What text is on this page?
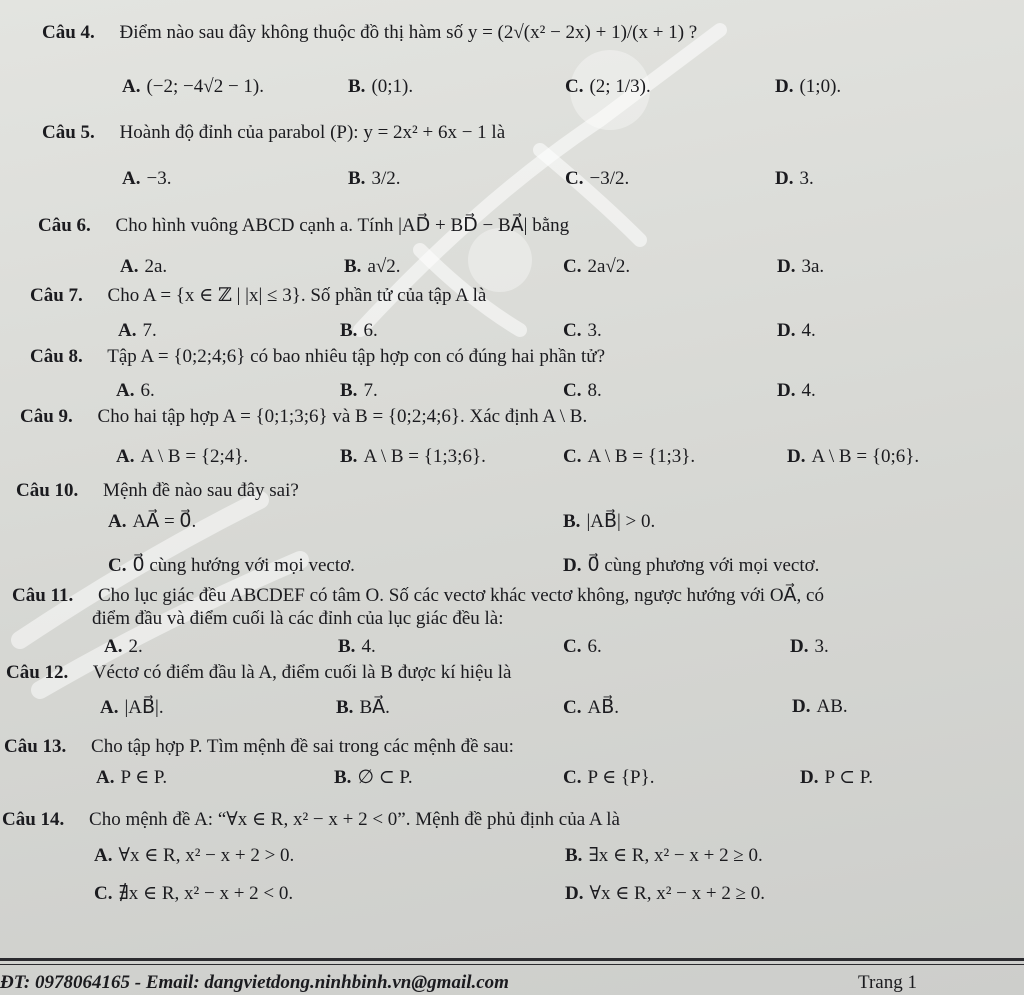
Câu 4. Điểm nào sau đây không thuộc đồ thị hàm số y = (2√(x² − 2x) + 1)/(x + 1) ?
A. (−2; −4√2 − 1).	B. (0;1).	C. (2; 1/3).	D. (1;0).
Câu 5. Hoành độ đỉnh của parabol (P): y = 2x² + 6x − 1 là
A. −3.	B. 3/2.	C. −3/2.	D. 3.
Câu 6. Cho hình vuông ABCD cạnh a. Tính |AD⃗ + BD⃗ − BA⃗| bằng
A. 2a.	B. a√2.	C. 2a√2.	D. 3a.
Câu 7. Cho A = {x ∈ ℤ | |x| ≤ 3}. Số phần tử của tập A là
A. 7.	B. 6.	C. 3.	D. 4.
Câu 8. Tập A = {0;2;4;6} có bao nhiêu tập hợp con có đúng hai phần tử?
A. 6.	B. 7.	C. 8.	D. 4.
Câu 9. Cho hai tập hợp A = {0;1;3;6} và B = {0;2;4;6}. Xác định A \ B.
A. A \ B = {2;4}.	B. A \ B = {1;3;6}.	C. A \ B = {1;3}.	D. A \ B = {0;6}.
Câu 10. Mệnh đề nào sau đây sai?
A. AA⃗ = 0⃗.	B. |AB⃗| > 0.
C. 0⃗ cùng hướng với mọi vectơ.	D. 0⃗ cùng phương với mọi vectơ.
Câu 11. Cho lục giác đều ABCDEF có tâm O. Số các vectơ khác vectơ không, ngược hướng với OA⃗, có
điểm đầu và điểm cuối là các đỉnh của lục giác đều là:
A. 2.	B. 4.	C. 6.	D. 3.
Câu 12. Véctơ có điểm đầu là A, điểm cuối là B được kí hiệu là
A. |AB⃗|.	B. BA⃗.	C. AB⃗.	D. AB.
Câu 13. Cho tập hợp P. Tìm mệnh đề sai trong các mệnh đề sau:
A. P ∈ P.	B. ∅ ⊂ P.	C. P ∈ {P}.	D. P ⊂ P.
Câu 14. Cho mệnh đề A: “∀x ∈ R, x² − x + 2 < 0”. Mệnh đề phủ định của A là
A. ∀x ∈ R, x² − x + 2 > 0.	B. ∃x ∈ R, x² − x + 2 ≥ 0.
C. ∄x ∈ R, x² − x + 2 < 0.	D. ∀x ∈ R, x² − x + 2 ≥ 0.
ĐT: 0978064165 - Email: dangvietdong.ninhbinh.vn@gmail.com	Trang 1
